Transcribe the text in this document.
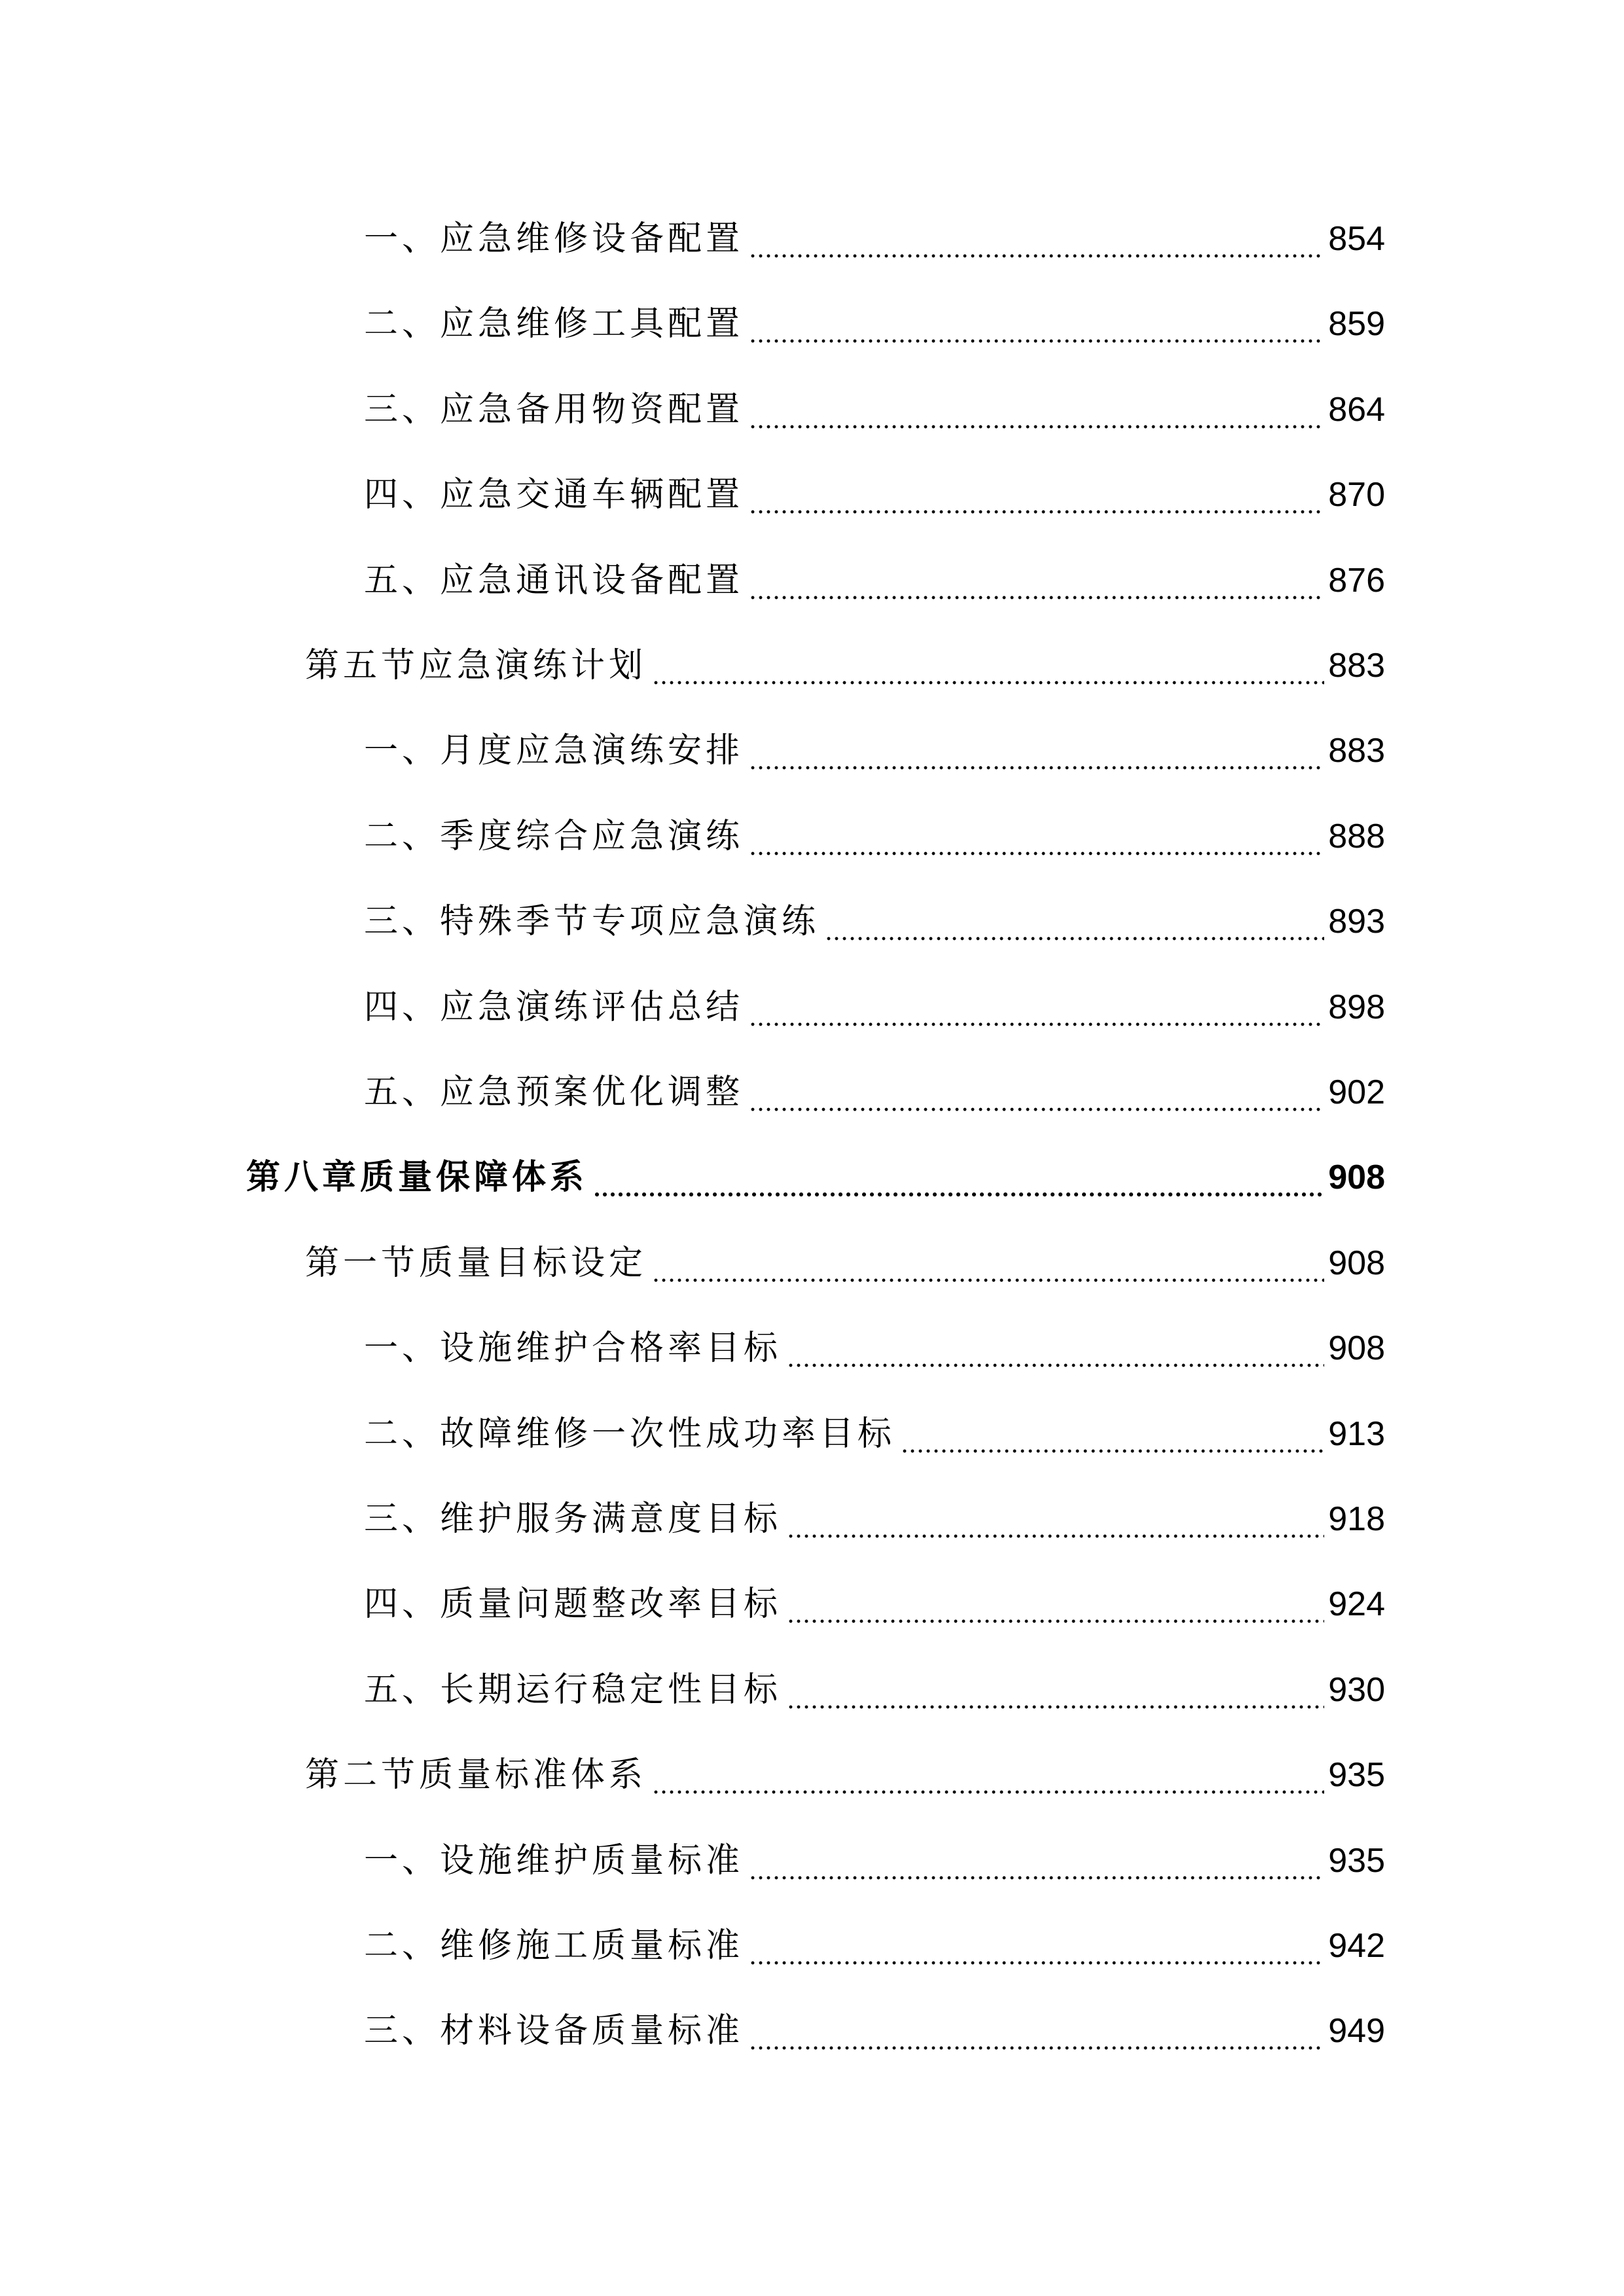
一、应急维修设备配置	854
二、应急维修工具配置	859
三、应急备用物资配置	864
四、应急交通车辆配置	870
五、应急通讯设备配置	876
第五节应急演练计划	883
一、月度应急演练安排	883
二、季度综合应急演练	888
三、特殊季节专项应急演练	893
四、应急演练评估总结	898
五、应急预案优化调整	902
第八章质量保障体系	908
第一节质量目标设定	908
一、设施维护合格率目标	908
二、故障维修一次性成功率目标	913
三、维护服务满意度目标	918
四、质量问题整改率目标	924
五、长期运行稳定性目标	930
第二节质量标准体系	935
一、设施维护质量标准	935
二、维修施工质量标准	942
三、材料设备质量标准	949
